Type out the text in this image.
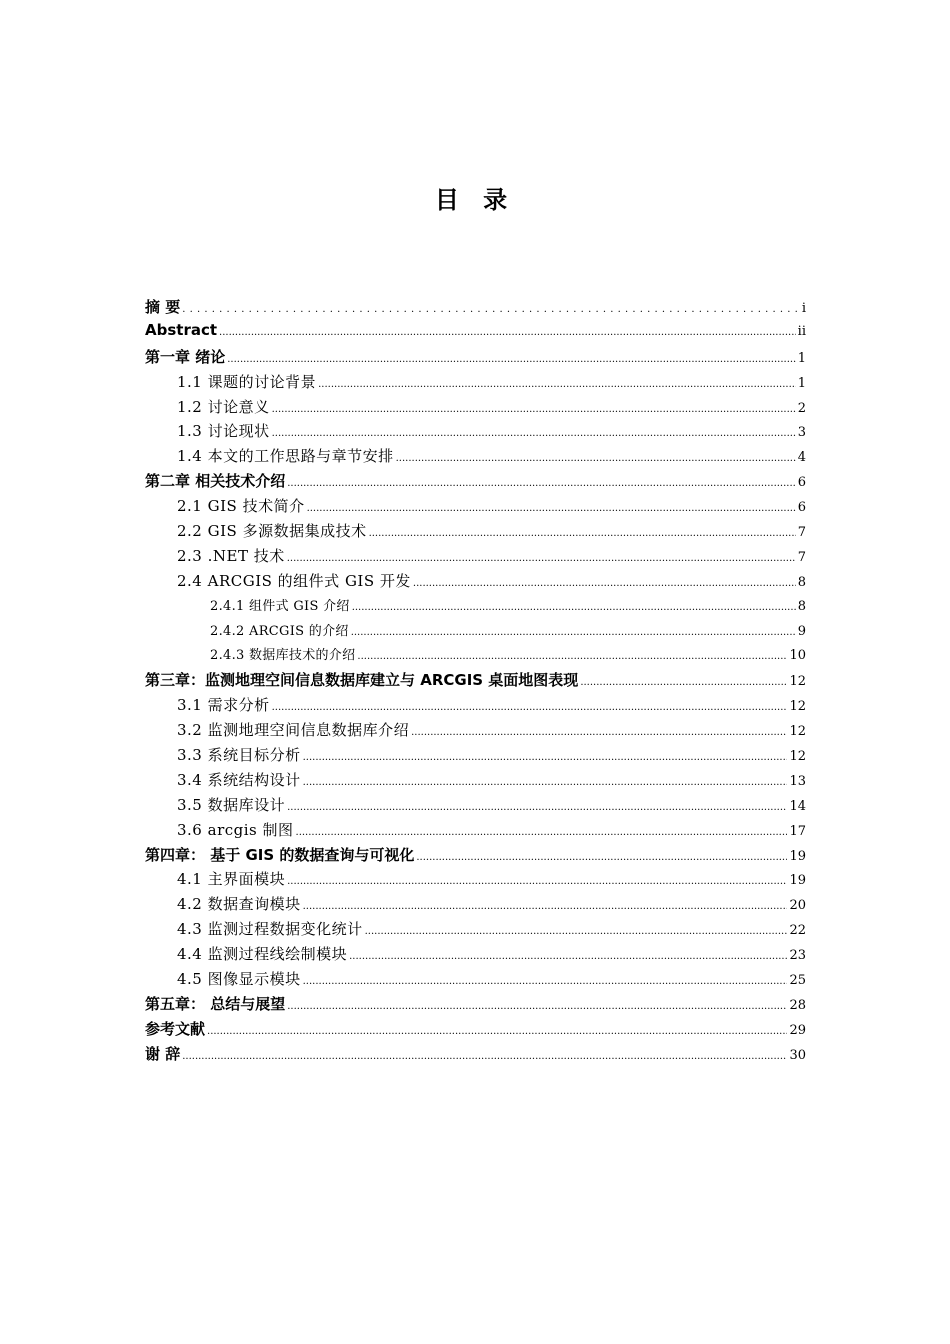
目 录
摘 要 .....	i
Abstract .....	ii
第一章 绪论 .....	1
1.1 课题的讨论背景 .....	1
1.2 讨论意义 .....	2
1.3 讨论现状 .....	3
1.4 本文的工作思路与章节安排 .....	4
第二章 相关技术介绍 .....	6
2.1 GIS 技术简介 .....	6
2.2 GIS 多源数据集成技术 .....	7
2.3 .NET 技术 .....	7
2.4 ARCGIS 的组件式 GIS 开发 .....	8
2.4.1 组件式 GIS 介绍 .....	8
2.4.2 ARCGIS 的介绍 .....	9
2.4.3 数据库技术的介绍 .....	10
第三章：监测地理空间信息数据库建立与 ARCGIS 桌面地图表现 .....	12
3.1 需求分析 .....	12
3.2 监测地理空间信息数据库介绍 .....	12
3.3 系统目标分析 .....	12
3.4 系统结构设计 .....	13
3.5 数据库设计 .....	14
3.6 arcgis 制图 .....	17
第四章： 基于 GIS 的数据查询与可视化 .....	19
4.1 主界面模块 .....	19
4.2 数据查询模块 .....	20
4.3 监测过程数据变化统计 .....	22
4.4 监测过程线绘制模块 .....	23
4.5 图像显示模块 .....	25
第五章： 总结与展望 .....	28
参考文献 .....	29
谢 辞 .....	30
